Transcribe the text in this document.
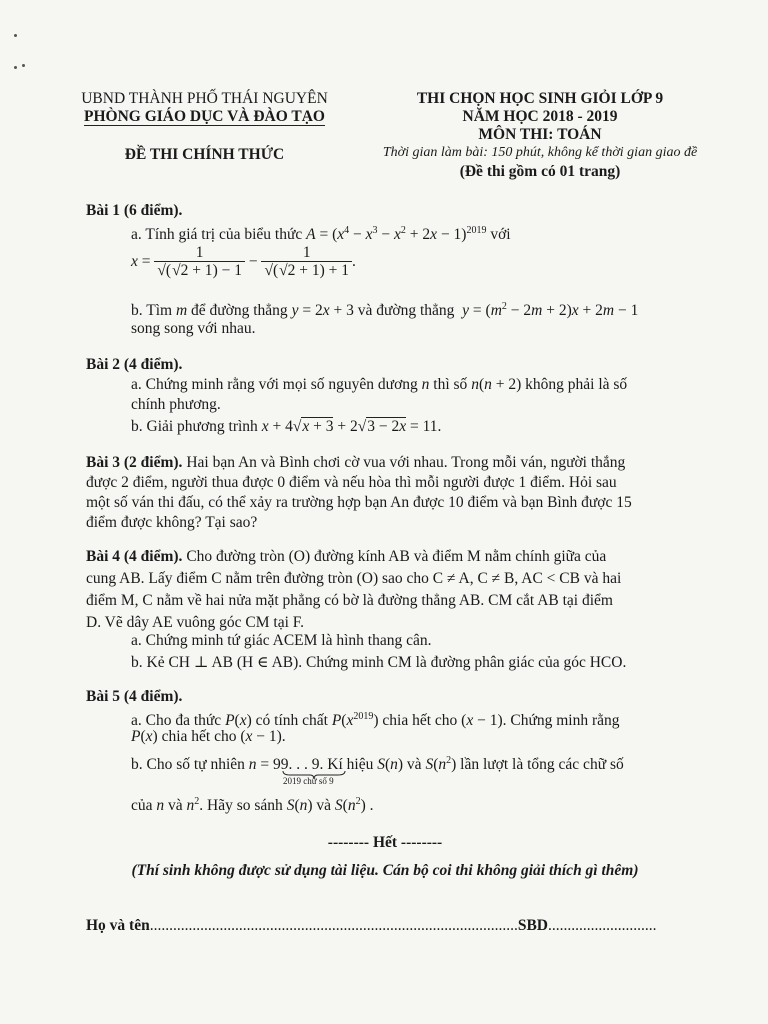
UBND THÀNH PHỐ THÁI NGUYÊN
PHÒNG GIÁO DỤC VÀ ĐÀO TẠO
ĐỀ THI CHÍNH THỨC
THI CHỌN HỌC SINH GIỎI LỚP 9
NĂM HỌC 2018 - 2019
MÔN THI: TOÁN
Thời gian làm bài: 150 phút, không kể thời gian giao đề
(Đề thi gồm có 01 trang)
Bài 1 (6 điểm).
a. Tính giá trị của biểu thức $A = (x^4 - x^3 - x^2 + 2x - 1)^{2019}$ với
$x = \frac{1}{√(√2 + 1) - 1} - \frac{1}{√(√2 + 1) + 1}$ .
b. Tìm m để đường thẳng y = 2x + 3 và đường thẳng $y = (m^2 - 2m + 2)x + 2m - 1$
song song với nhau.
Bài 2 (4 điểm).
a. Chứng minh rằng với mọi số nguyên dương n thì số n(n + 2) không phải là số
chính phương.
b. Giải phương trình x + 4√x + 3 + 2√3 − 2x = 11.
Bài 3 (2 điểm). Hai bạn An và Bình chơi cờ vua với nhau. Trong mỗi ván, người thắng
được 2 điểm, người thua được 0 điểm và nếu hòa thì mỗi người được 1 điểm. Hỏi sau
một số ván thi đấu, có thể xảy ra trường hợp bạn An được 10 điểm và bạn Bình được 15
điểm được không? Tại sao?
Bài 4 (4 điểm). Cho đường tròn (O) đường kính AB và điểm M nằm chính giữa của
cung AB. Lấy điểm C nằm trên đường tròn (O) sao cho C ≠ A, C ≠ B, AC < CB và hai
điểm M, C nằm về hai nửa mặt phẳng có bờ là đường thẳng AB. CM cắt AB tại điểm
D. Vẽ dây AE vuông góc CM tại F.
a. Chứng minh tứ giác ACEM là hình thang cân.
b. Kẻ CH ⊥ AB (H ∈ AB). Chứng minh CM là đường phân giác của góc HCO.
Bài 5 (4 điểm).
a. Cho đa thức P(x) có tính chất $P(x^{2019})$ chia hết cho (x − 1). Chứng minh rằng
P(x) chia hết cho (x − 1).
b. Cho số tự nhiên n = 99. . . 9. Kí hiệu S(n) và $S(n^2)$ lần lượt là tổng các chữ số
2019 chữ số 9
của n và $n^2$. Hãy so sánh S(n) và $S(n^2)$ .
-------- Hết --------
(Thí sinh không được sử dụng tài liệu. Cán bộ coi thi không giải thích gì thêm)
Họ và tên...............................................................................................SBD............................
